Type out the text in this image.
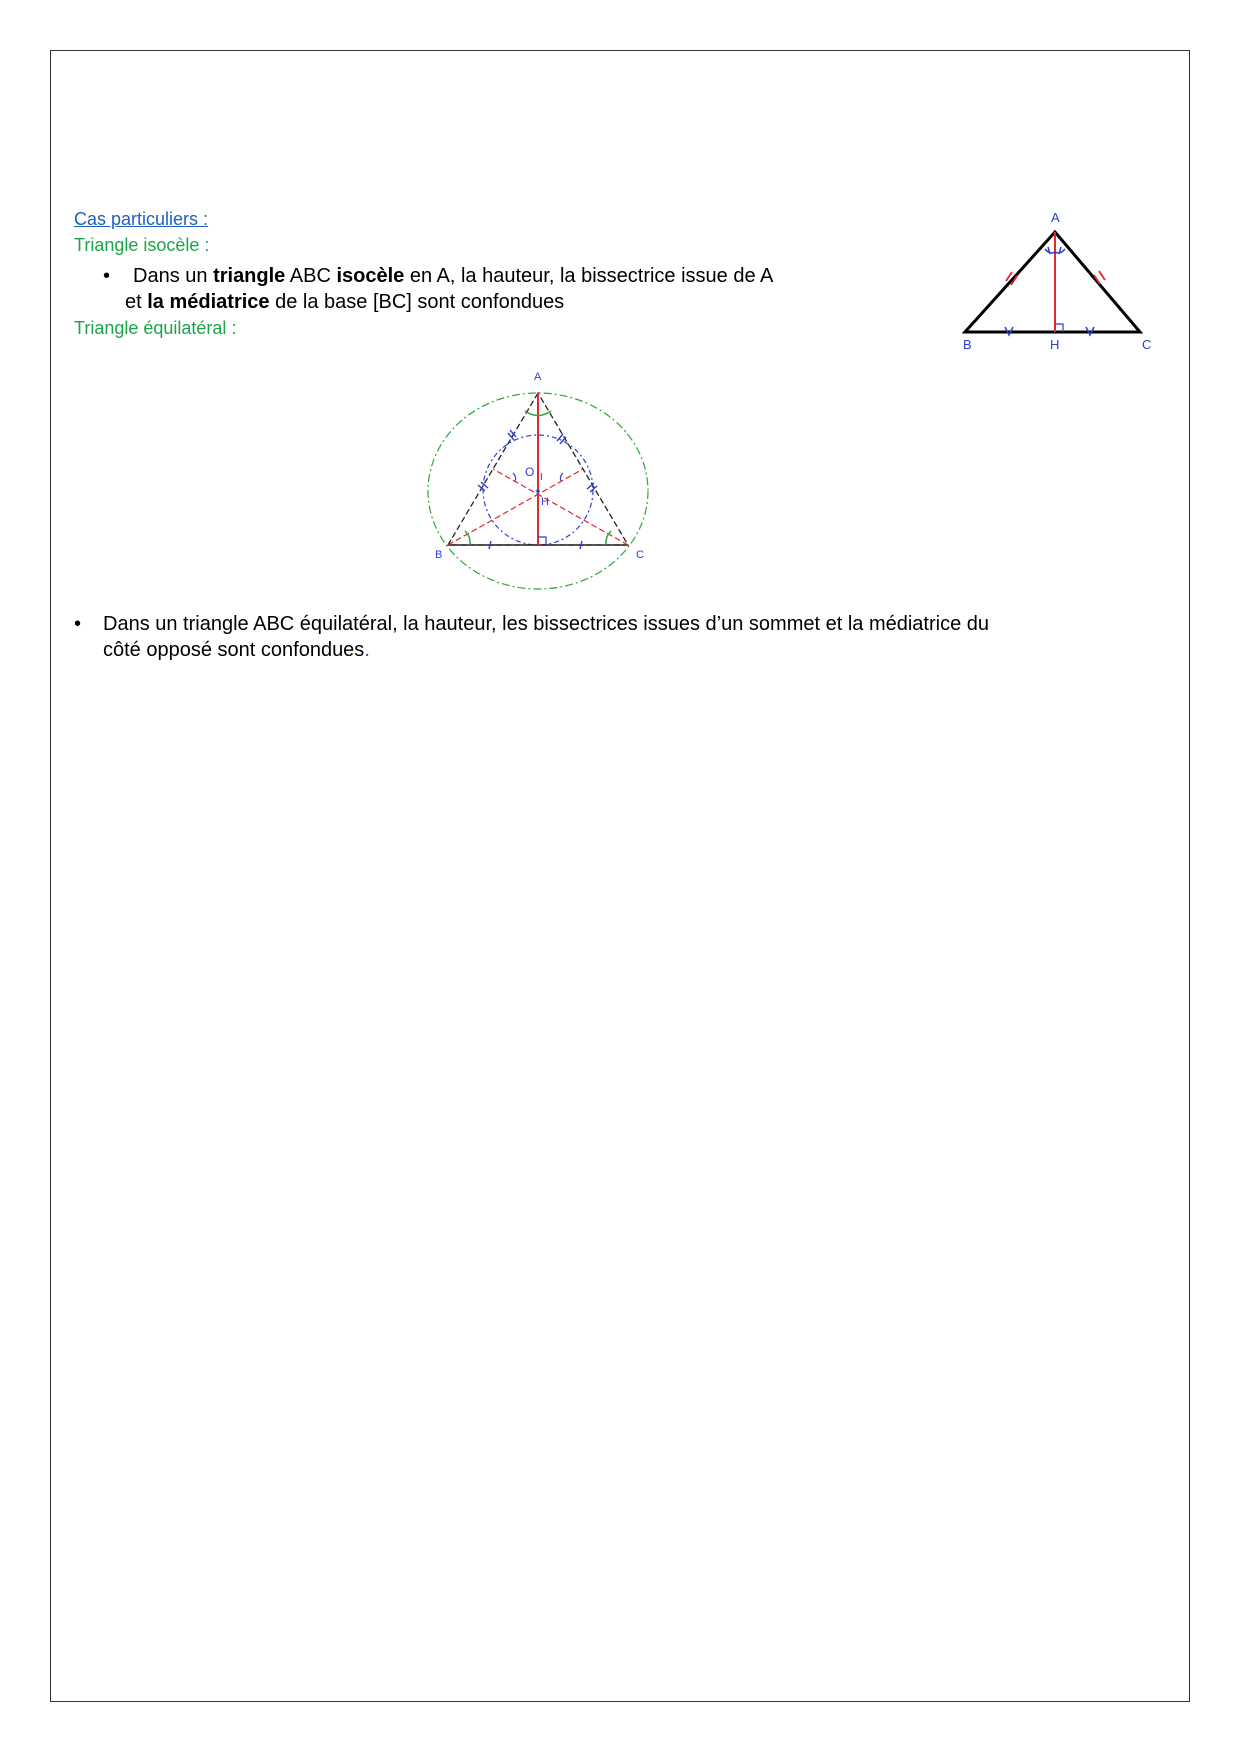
Cas particuliers :
Triangle isocèle :
• Dans un triangle ABC isocèle en A, la hauteur, la bissectrice issue de A
et la médiatrice de la base [BC] sont confondues
Triangle équilatéral :
A
B	C
H
A
B	C
O I
H
• Dans un triangle ABC équilatéral, la hauteur, les bissectrices issues d’un sommet et la médiatrice du
côté opposé sont confondues.
